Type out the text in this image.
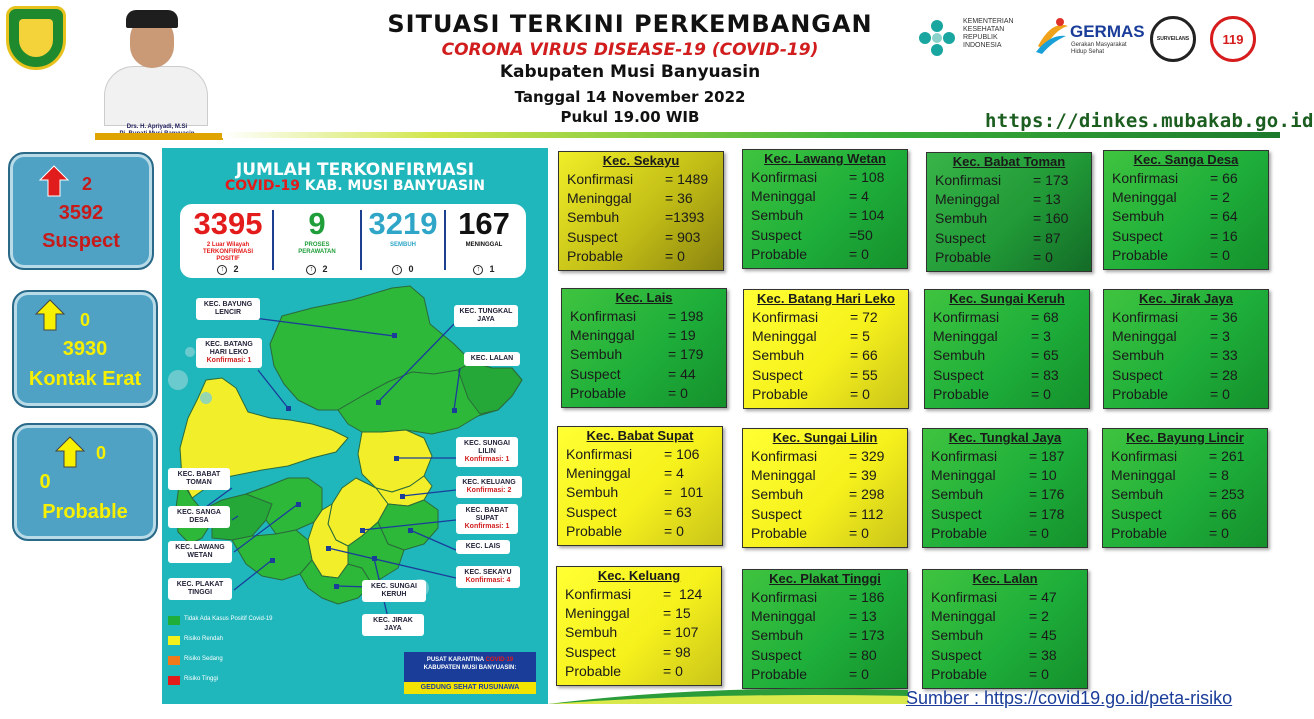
Drs. H. Apriyadi, M.Si
SITUASI TERKINI PERKEMBANGAN
CORONA VIRUS DISEASE-19 (COVID-19)
Kabupaten Musi Banyuasin
Tanggal 14 November 2022
Pukul 19.00 WIB
KEMENTERIAN
KESEHATAN
REPUBLIK
INDONESIA
GERMAS
Gerakan Masyarakat
Hidup Sehat
SURVEILANS	119
https://dinkes.mubakab.go.id
2
3592
Suspect
0
3930
Kontak Erat
0
0
Probable
JUMLAH TERKONFIRMASI
COVID-19 KAB. MUSI BANYUASIN
3395
2 Luar Wilayah
TERKONFIRMASI
POSITIF
↑ 2
9
PROSES
PERAWATAN
↑ 2
3219
SEMBUH
↑ 0
167
MENINGGAL
↑ 1
KEC. BAYUNG
LENCIR
KEC. BATANG
HARI LEKO
Konfirmasi: 1
KEC. TUNGKAL
JAYA
KEC. LALAN
KEC. SUNGAI
LILIN
Konfirmasi: 1
KEC. KELUANG
Konfirmasi: 2
KEC. BABAT
SUPAT
Konfirmasi: 1
KEC. LAIS
KEC. SEKAYU
Konfirmasi: 4
KEC. BABAT
TOMAN
KEC. SANGA
DESA
KEC. LAWANG
WETAN
KEC. PLAKAT
TINGGI
KEC. SUNGAI
KERUH
KEC. JIRAK
JAYA
Tidak Ada Kasus Positif Covid-19
Risiko Rendah
Risiko Sedang
Risiko Tinggi
PUSAT KARANTINA COVID-19
KABUPATEN MUSI BANYUASIN:
GEDUNG SEHAT RUSUNAWA
Kec. Sekayu
Konfirmasi = 1489
Meninggal = 36
Sembuh	=1393
Suspect	= 903
Probable	= 0
Kec. Lawang Wetan
Konfirmasi = 108
Meninggal = 4
Sembuh	= 104
Suspect	=50
Probable	= 0
Kec. Babat Toman
Konfirmasi = 173
Meninggal = 13
Sembuh	= 160
Suspect	= 87
Probable	= 0
Kec. Sanga Desa
Konfirmasi = 66
Meninggal = 2
Sembuh	= 64
Suspect	= 16
Probable	= 0
Kec. Lais
Konfirmasi = 198
Meninggal = 19
Sembuh	= 179
Suspect	= 44
Probable	= 0
Kec. Batang Hari Leko
Konfirmasi = 72
Meninggal = 5
Sembuh	= 66
Suspect	= 55
Probable	= 0
Kec. Sungai Keruh
Konfirmasi = 68
Meninggal = 3
Sembuh	= 65
Suspect	= 83
Probable	= 0
Kec. Jirak Jaya
Konfirmasi = 36
Meninggal = 3
Sembuh	= 33
Suspect	= 28
Probable	= 0
Kec. Babat Supat
Konfirmasi = 106
Meninggal = 4
Sembuh	=  101
Suspect	= 63
Probable	= 0
Kec. Sungai Lilin
Konfirmasi = 329
Meninggal = 39
Sembuh	= 298
Suspect	= 112
Probable	= 0
Kec. Tungkal Jaya
Konfirmasi = 187
Meninggal = 10
Sembuh	= 176
Suspect	= 178
Probable	= 0
Kec. Bayung Lincir
Konfirmasi = 261
Meninggal = 8
Sembuh	= 253
Suspect	= 66
Probable	= 0
Kec. Keluang
Konfirmasi =  124
Meninggal = 15
Sembuh	= 107
Suspect	= 98
Probable	= 0
Kec. Plakat Tinggi
Konfirmasi = 186
Meninggal = 13
Sembuh	= 173
Suspect	= 80
Probable	= 0
Kec. Lalan
Konfirmasi = 47
Meninggal = 2
Sembuh	= 45
Suspect	= 38
Probable	= 0
Sumber : https://covid19.go.id/peta-risiko
